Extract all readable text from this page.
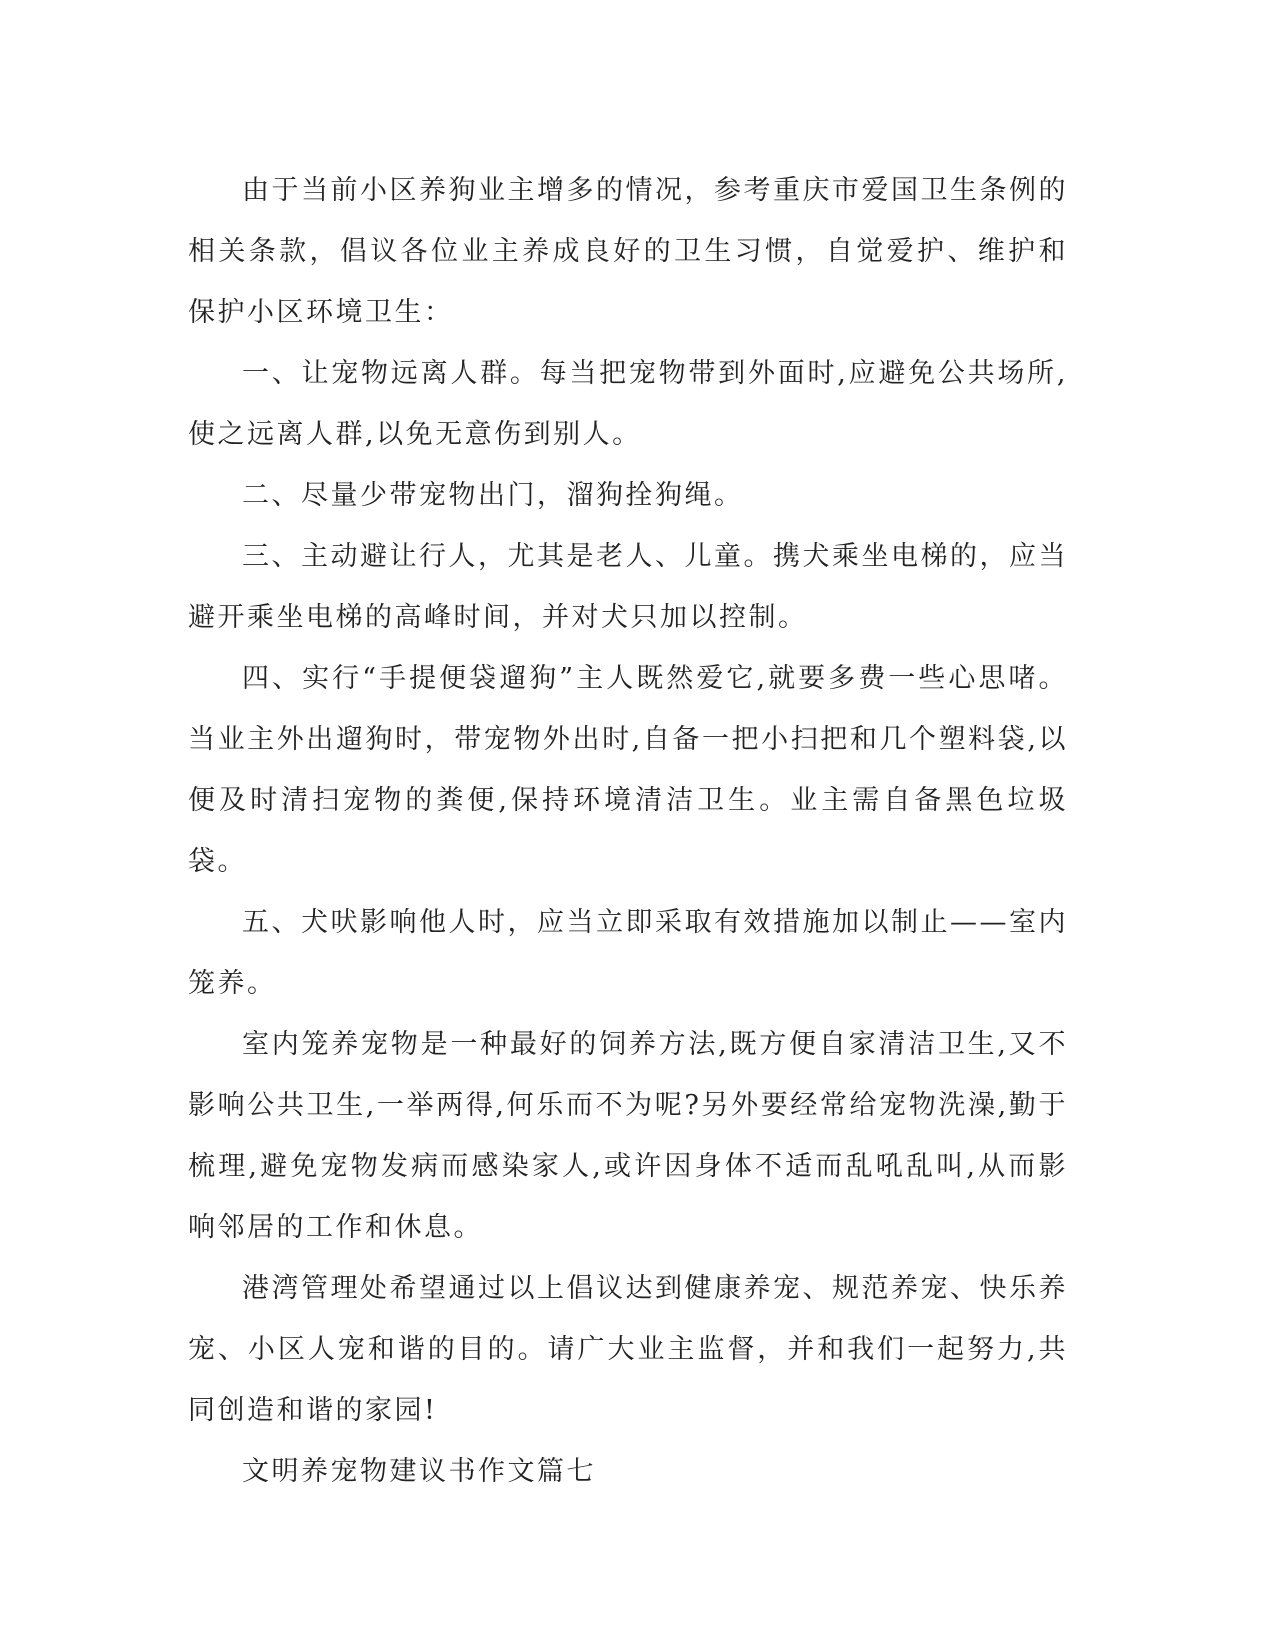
由于当前小区养狗业主增多的情况，参考重庆市爱国卫生条例的相关条款，倡议各位业主养成良好的卫生习惯，自觉爱护、维护和保护小区环境卫生：

一、让宠物远离人群。每当把宠物带到外面时,应避免公共场所,使之远离人群,以免无意伤到别人。

二、尽量少带宠物出门，溜狗拴狗绳。

三、主动避让行人，尤其是老人、儿童。携犬乘坐电梯的，应当避开乘坐电梯的高峰时间，并对犬只加以控制。

四、实行“手提便袋遛狗”主人既然爱它,就要多费一些心思啫。当业主外出遛狗时，带宠物外出时,自备一把小扫把和几个塑料袋,以便及时清扫宠物的粪便,保持环境清洁卫生。业主需自备黑色垃圾袋。

五、犬吠影响他人时，应当立即采取有效措施加以制止——室内笼养。

室内笼养宠物是一种最好的饲养方法,既方便自家清洁卫生,又不影响公共卫生,一举两得,何乐而不为呢?另外要经常给宠物洗澡,勤于梳理,避免宠物发病而感染家人,或许因身体不适而乱吼乱叫,从而影响邻居的工作和休息。

港湾管理处希望通过以上倡议达到健康养宠、规范养宠、快乐养宠、小区人宠和谐的目的。请广大业主监督，并和我们一起努力,共同创造和谐的家园!

文明养宠物建议书作文篇七
